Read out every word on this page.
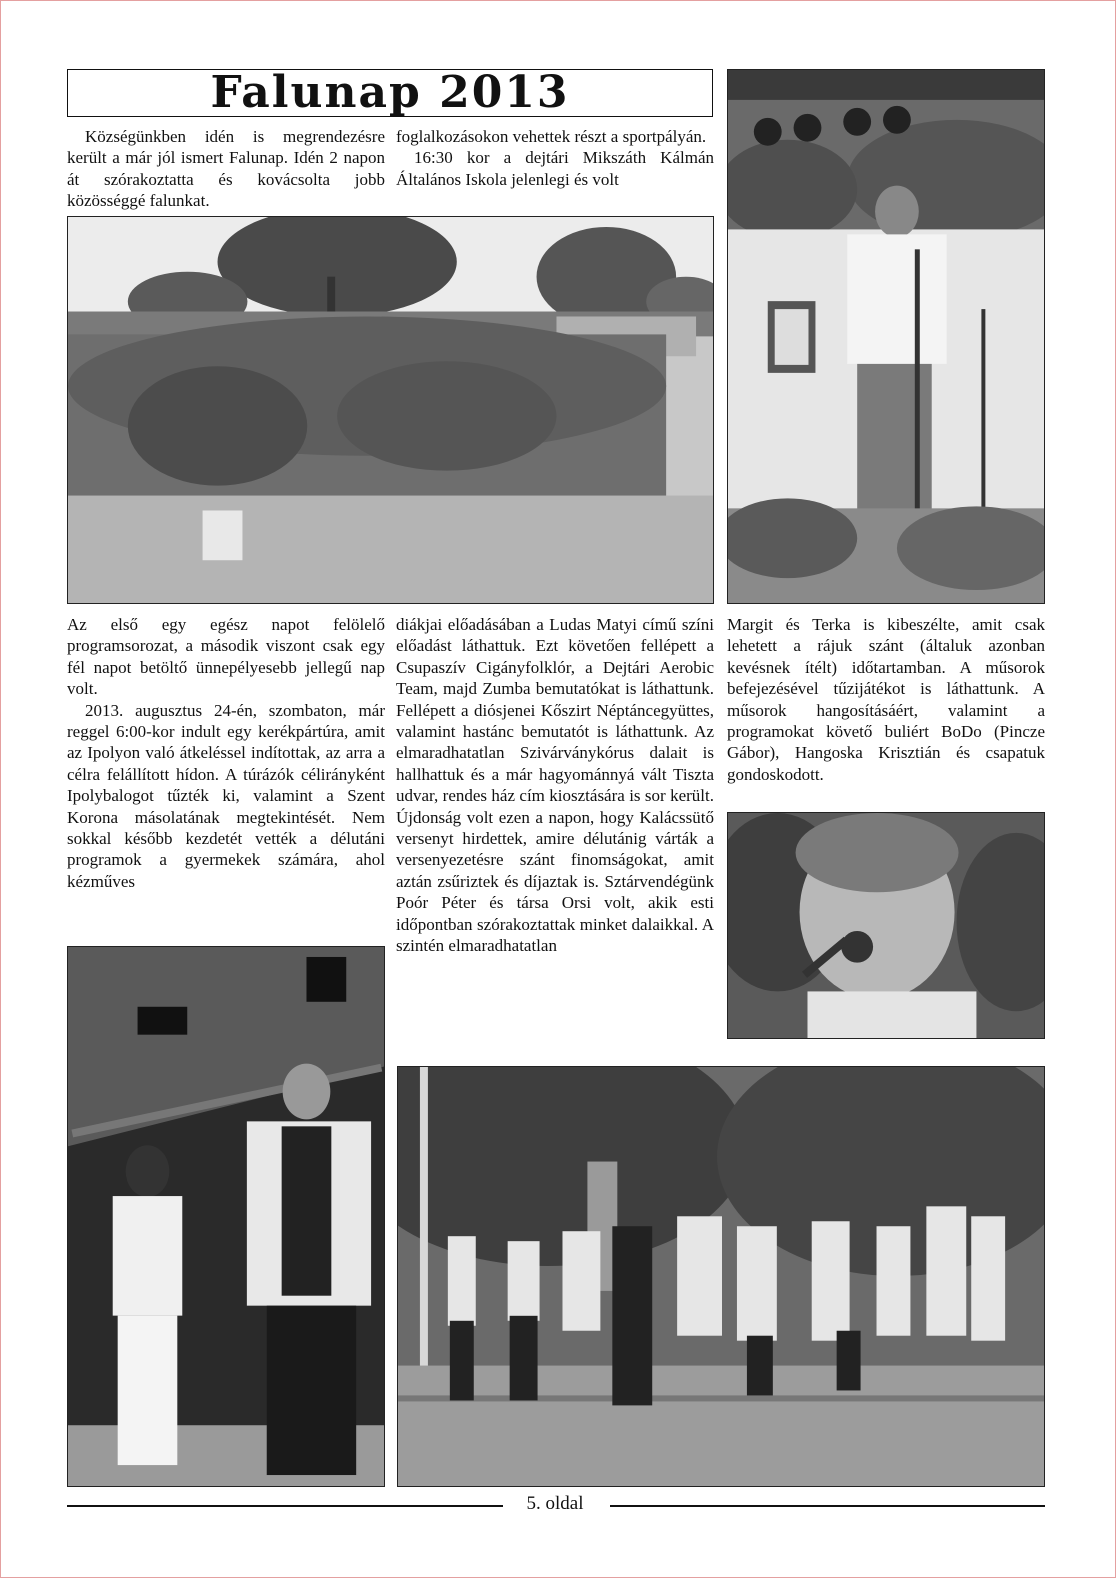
Falunap 2013

Községünkben idén is megrendezésre került a már jól ismert Falunap. Idén 2 napon át szórakoztatta és kovácsolta jobb közösséggé falunkat.

foglalkozásokon vehettek részt a sportpályán.

16:30 kor a dejtári Mikszáth Kálmán Általános Iskola jelenlegi és volt

Az első egy egész napot felölelő programsorozat, a második viszont csak egy fél napot betöltő ünnepélyesebb jellegű nap volt.

2013. augusztus 24-én, szombaton, már reggel 6:00-kor indult egy kerékpártúra, amit az Ipolyon való átkeléssel indítottak, az arra a célra felállított hídon. A túrázók célirányként Ipolybalogot tűzték ki, valamint a Szent Korona másolatának megtekintését. Nem sokkal később kezdetét vették a délutáni programok a gyermekek számára, ahol kézműves

diákjai előadásában a Ludas Matyi című színi előadást láthattuk. Ezt követően fellépett a Csupaszív Cigányfolklór, a Dejtári Aerobic Team, majd Zumba bemutatókat is láthattunk. Fellépett a diósjenei Kőszirt Néptáncegyüttes, valamint hastánc bemutatót is láthattunk. Az elmaradhatatlan Szivárványkórus dalait is hallhattuk és a már hagyománnyá vált Tiszta udvar, rendes ház cím kiosztására is sor került. Újdonság volt ezen a napon, hogy Kalácssütő versenyt hirdettek, amire délutánig várták a versenyezetésre szánt finomságokat, amit aztán zsűriztek és díjaztak is. Sztárvendégünk Poór Péter és társa Orsi volt, akik esti időpontban szórakoztattak minket dalaikkal. A szintén elmaradhatatlan

Margit és Terka is kibeszélte, amit csak lehetett a rájuk szánt (általuk azonban kevésnek ítélt) időtartamban. A műsorok befejezésével tűzijátékot is láthattunk. A műsorok hangosításáért, valamint a programokat követő buliért BoDo (Pincze Gábor), Hangoska Krisztián és csapatuk gondoskodott.

5. oldal
